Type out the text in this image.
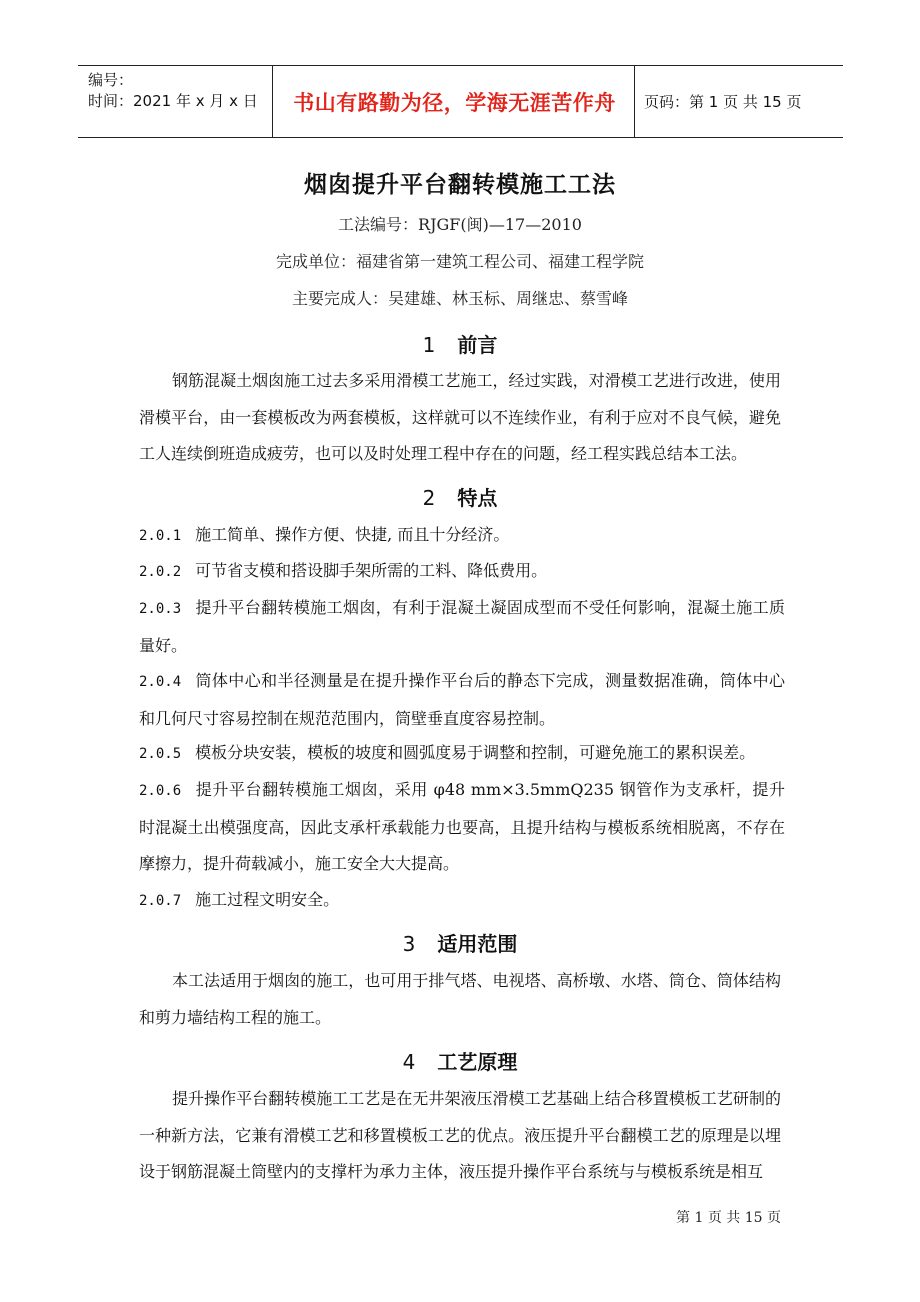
编号：
时间：2021 年 x 月 x 日	书山有路勤为径，学海无涯苦作舟	页码：第 1 页 共 15 页
烟囱提升平台翻转模施工工法
工法编号：RJGF(闽)—17—2010
完成单位：福建省第一建筑工程公司、福建工程学院
主要完成人：吴建雄、林玉标、周继忠、蔡雪峰
1 前言
钢筋混凝土烟囱施工过去多采用滑模工艺施工，经过实践，对滑模工艺进行改进，使用滑模平台，由一套模板改为两套模板，这样就可以不连续作业，有利于应对不良气候，避免工人连续倒班造成疲劳，也可以及时处理工程中存在的问题，经工程实践总结本工法。
2 特点
2.0.1 施工简单、操作方便、快捷, 而且十分经济。
2.0.2 可节省支模和搭设脚手架所需的工料、降低费用。
2.0.3 提升平台翻转模施工烟囱，有利于混凝土凝固成型而不受任何影响，混凝土施工质量好。
2.0.4 筒体中心和半径测量是在提升操作平台后的静态下完成，测量数据准确，筒体中心和几何尺寸容易控制在规范范围内，筒壁垂直度容易控制。
2.0.5 模板分块安装，模板的坡度和圆弧度易于调整和控制，可避免施工的累积误差。
2.0.6 提升平台翻转模施工烟囱，采用 φ48 mm×3.5mmQ235 钢管作为支承杆，提升时混凝土出模强度高，因此支承杆承载能力也要高，且提升结构与模板系统相脱离，不存在摩擦力，提升荷载减小，施工安全大大提高。
2.0.7 施工过程文明安全。
3 适用范围
本工法适用于烟囱的施工，也可用于排气塔、电视塔、高桥墩、水塔、筒仓、筒体结构和剪力墙结构工程的施工。
4 工艺原理
提升操作平台翻转模施工工艺是在无井架液压滑模工艺基础上结合移置模板工艺研制的一种新方法，它兼有滑模工艺和移置模板工艺的优点。液压提升平台翻模工艺的原理是以埋设于钢筋混凝土筒壁内的支撑杆为承力主体，液压提升操作平台系统与与模板系统是相互
第 1 页 共 15 页
